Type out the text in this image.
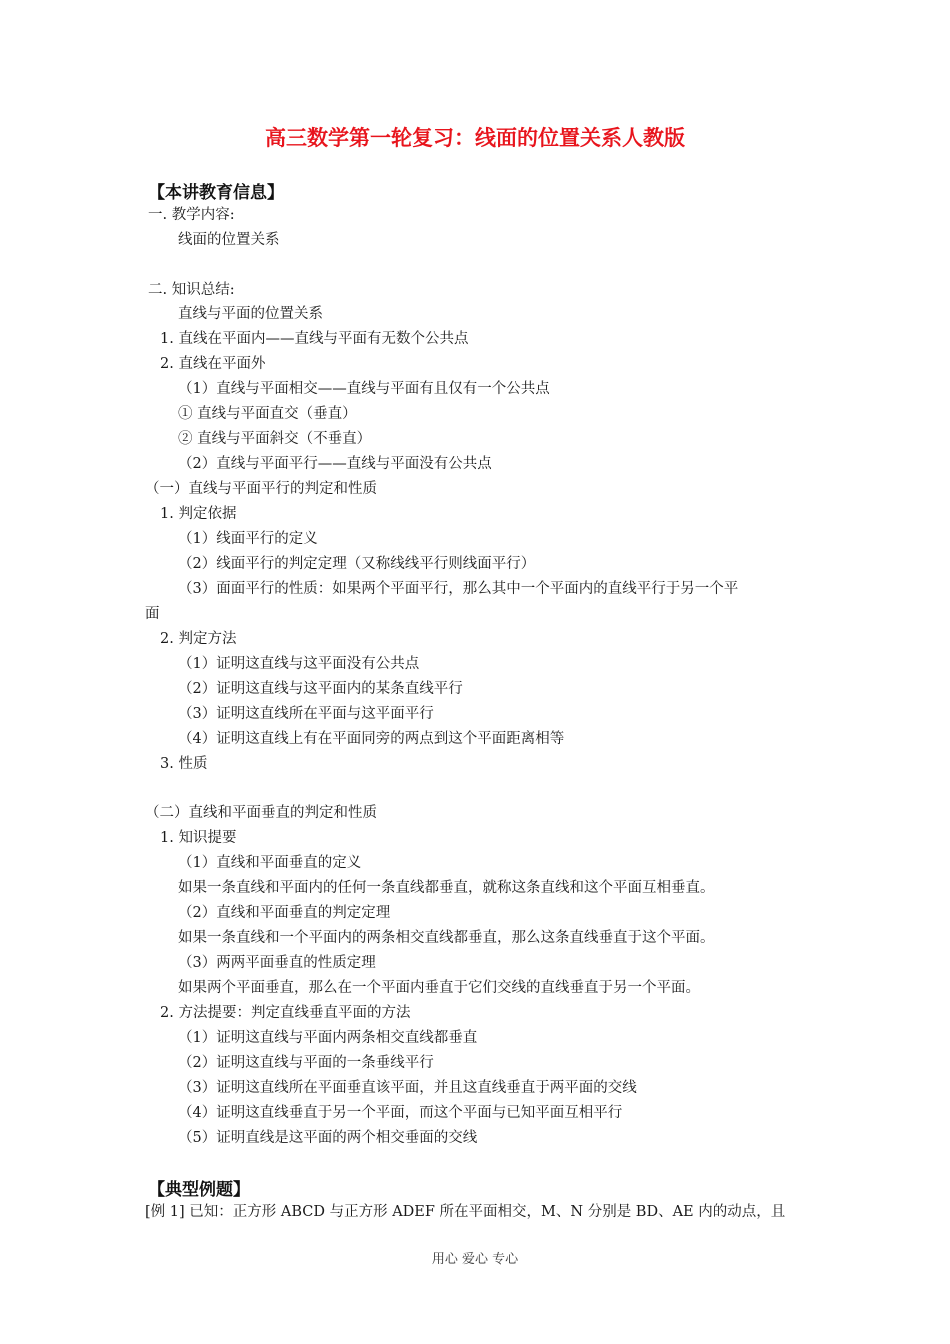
高三数学第一轮复习：线面的位置关系人教版
【本讲教育信息】
一. 教学内容:
线面的位置关系
二. 知识总结:
直线与平面的位置关系
1. 直线在平面内——直线与平面有无数个公共点
2. 直线在平面外
（1）直线与平面相交——直线与平面有且仅有一个公共点
① 直线与平面直交（垂直）
② 直线与平面斜交（不垂直）
（2）直线与平面平行——直线与平面没有公共点
（一）直线与平面平行的判定和性质
1. 判定依据
（1）线面平行的定义
（2）线面平行的判定定理（又称线线平行则线面平行）
（3）面面平行的性质：如果两个平面平行，那么其中一个平面内的直线平行于另一个平
面
2. 判定方法
（1）证明这直线与这平面没有公共点
（2）证明这直线与这平面内的某条直线平行
（3）证明这直线所在平面与这平面平行
（4）证明这直线上有在平面同旁的两点到这个平面距离相等
3. 性质
（二）直线和平面垂直的判定和性质
1. 知识提要
（1）直线和平面垂直的定义
如果一条直线和平面内的任何一条直线都垂直，就称这条直线和这个平面互相垂直。
（2）直线和平面垂直的判定定理
如果一条直线和一个平面内的两条相交直线都垂直，那么这条直线垂直于这个平面。
（3）两两平面垂直的性质定理
如果两个平面垂直，那么在一个平面内垂直于它们交线的直线垂直于另一个平面。
2. 方法提要：判定直线垂直平面的方法
（1）证明这直线与平面内两条相交直线都垂直
（2）证明这直线与平面的一条垂线平行
（3）证明这直线所在平面垂直该平面，并且这直线垂直于两平面的交线
（4）证明这直线垂直于另一个平面，而这个平面与已知平面互相平行
（5）证明直线是这平面的两个相交垂面的交线
【典型例题】
[例 1] 已知：正方形 ABCD 与正方形 ADEF 所在平面相交，M、N 分别是 BD、AE 内的动点，且
用心 爱心 专心
